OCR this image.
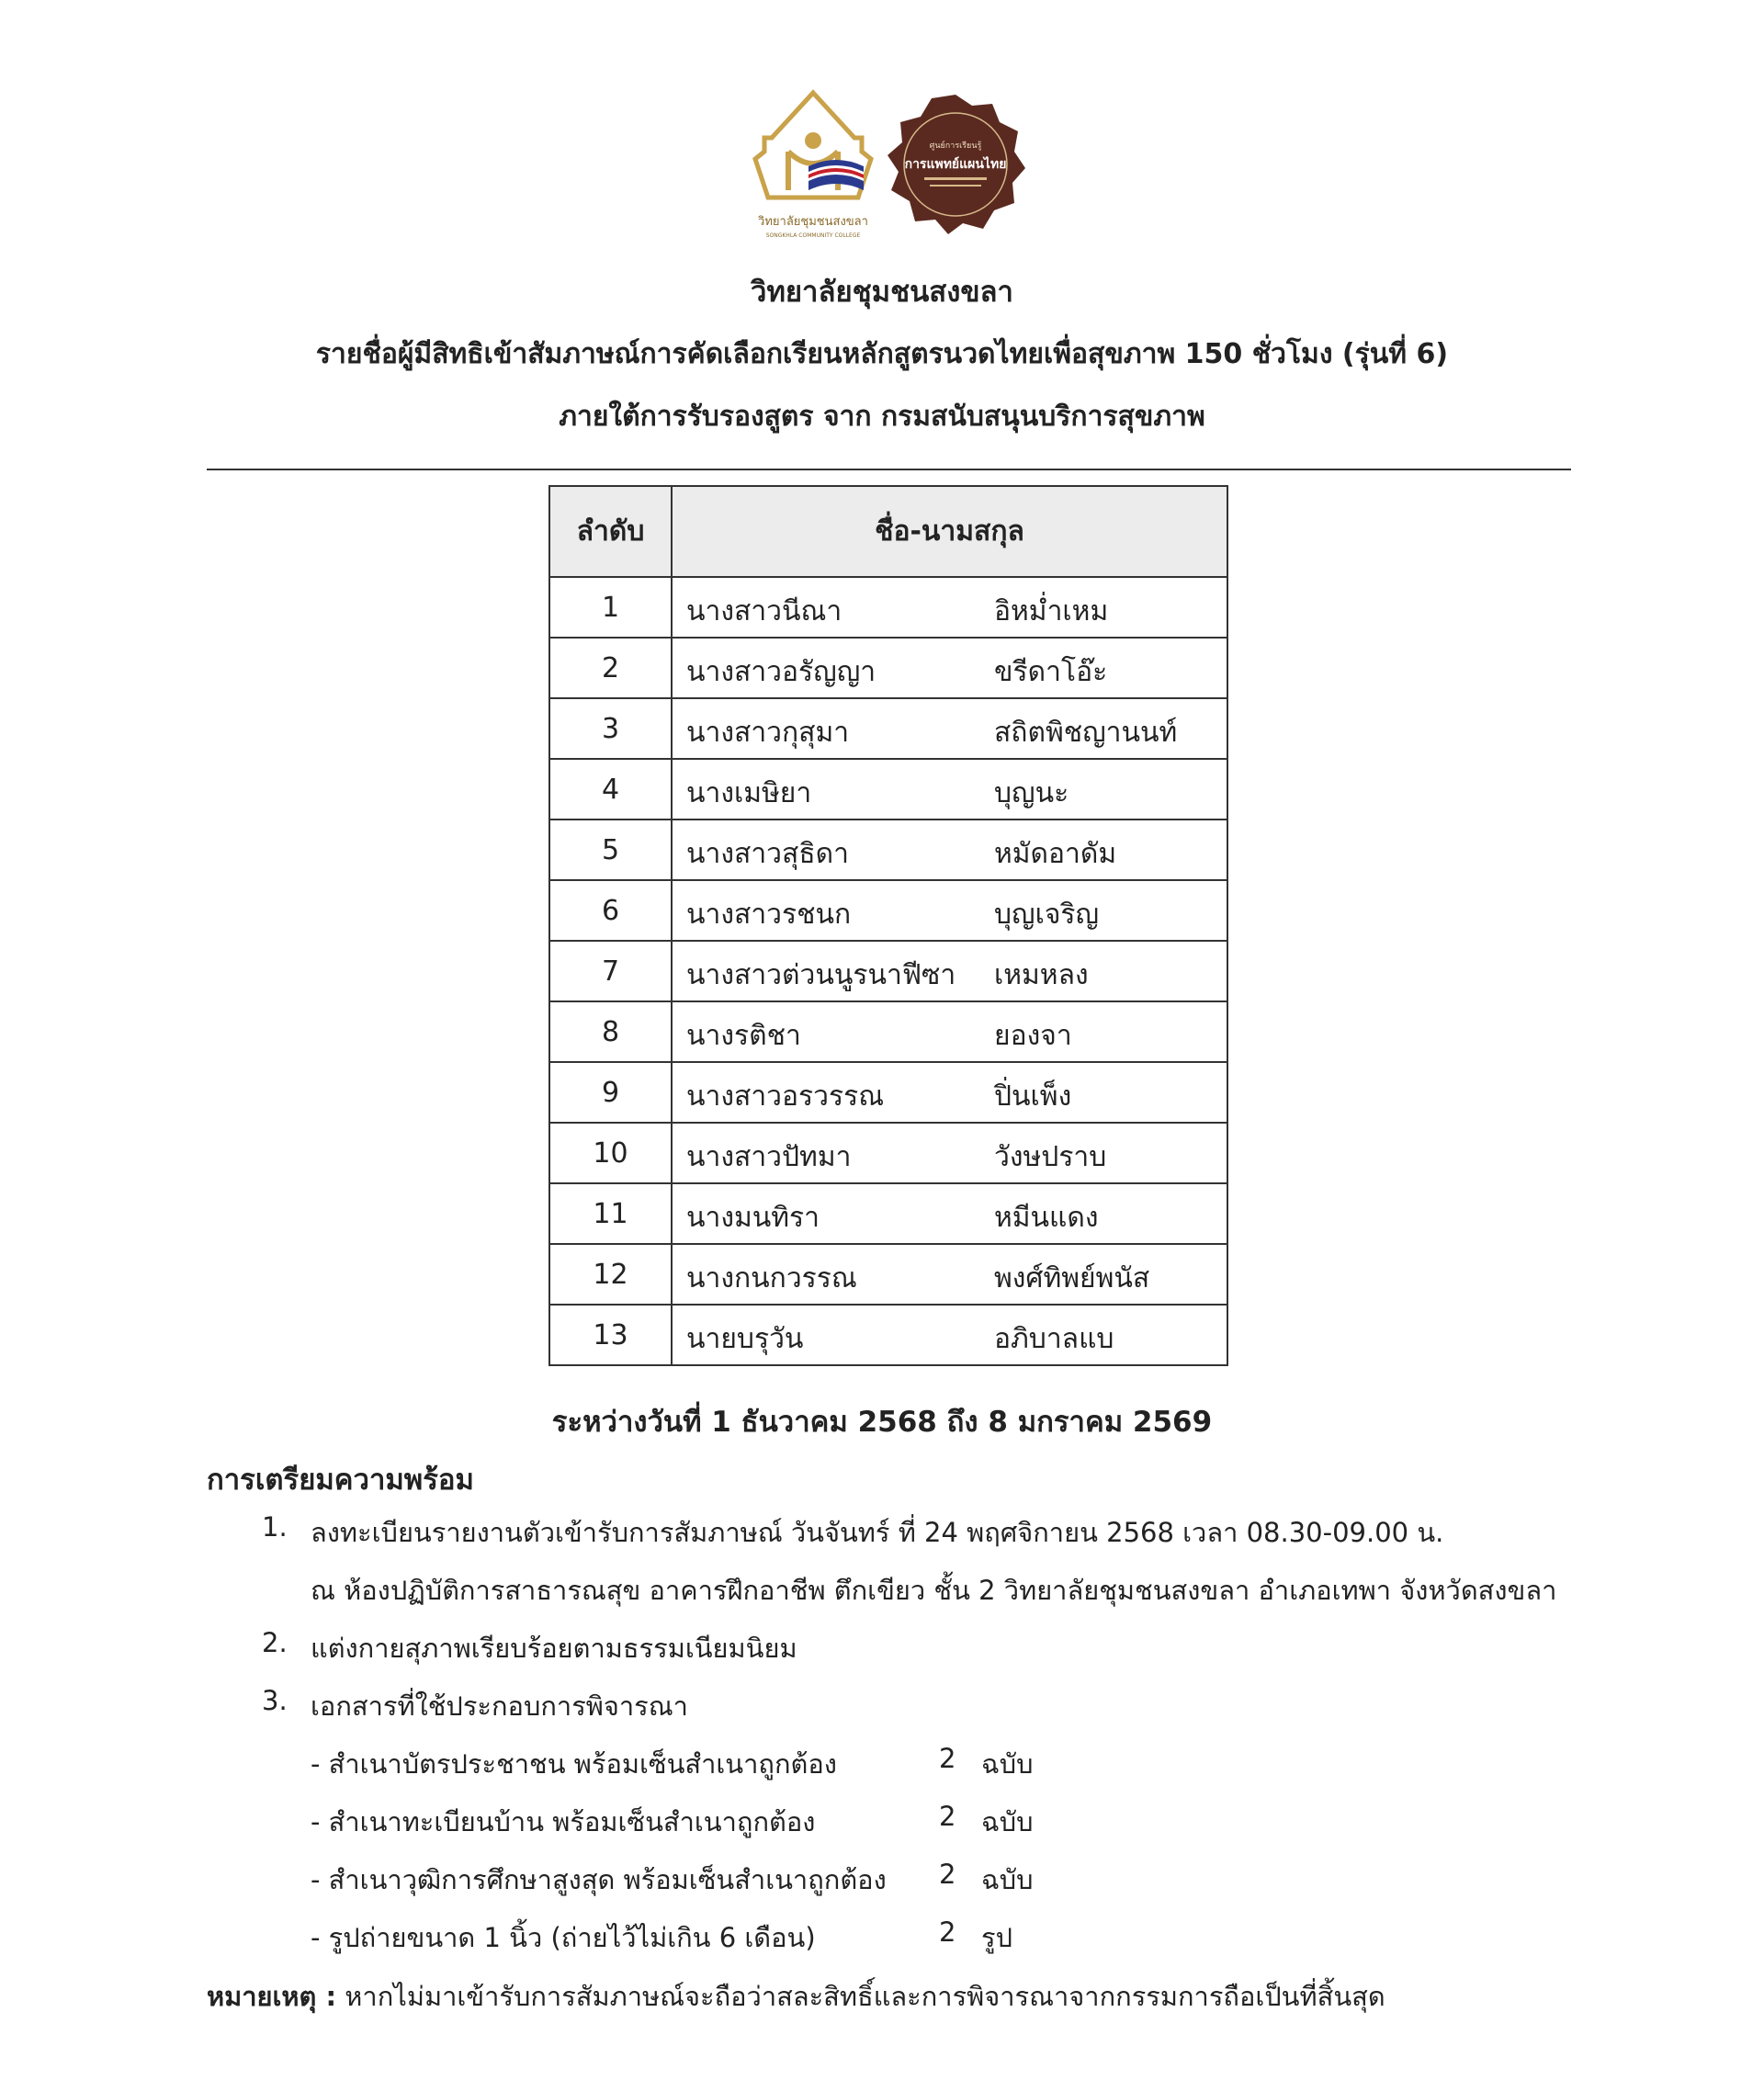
วิทยาลัยชุมชนสงขลา
SONGKHLA COMMUNITY COLLEGE
ศูนย์การเรียนรู้
การแพทย์แผนไทย
วิทยาลัยชุมชนสงขลา
รายชื่อผู้มีสิทธิเข้าสัมภาษณ์การคัดเลือกเรียนหลักสูตรนวดไทยเพื่อสุขภาพ 150 ชั่วโมง (รุ่นที่ 6)
ภายใต้การรับรองสูตร จาก กรมสนับสนุนบริการสุขภาพ
ลำดับ	ชื่อ-นามสกุล
1	นางสาวนีณา อิหม่ำเหม

2	นางสาวอรัญญา ขรีดาโอ๊ะ

3	นางสาวกุสุมา สถิตพิชญานนท์

4	นางเมษิยา บุญนะ

5	นางสาวสุธิดา หมัดอาดัม

6	นางสาวรชนก บุญเจริญ

7	นางสาวต่วนนูรนาฟีซา เหมหลง

8	นางรติชา ยองจา

9	นางสาวอรวรรณ ปิ่นเพ็ง

10	นางสาวปัทมา วังษปราบ

11	นางมนทิรา หมีนแดง

12	นางกนกวรรณ พงศ์ทิพย์พนัส

13	นายบรุวัน อภิบาลแบ
ระหว่างวันที่ 1 ธันวาคม 2568 ถึง 8 มกราคม 2569
การเตรียมความพร้อม
1. ลงทะเบียนรายงานตัวเข้ารับการสัมภาษณ์ วันจันทร์ ที่ 24 พฤศจิกายน 2568 เวลา 08.30-09.00 น.
ณ ห้องปฏิบัติการสาธารณสุข อาคารฝึกอาชีพ ตึกเขียว ชั้น 2 วิทยาลัยชุมชนสงขลา อำเภอเทพา จังหวัดสงขลา
2. แต่งกายสุภาพเรียบร้อยตามธรรมเนียมนิยม
3. เอกสารที่ใช้ประกอบการพิจารณา
- สำเนาบัตรประชาชน พร้อมเซ็นสำเนาถูกต้อง	2 ฉบับ
- สำเนาทะเบียนบ้าน พร้อมเซ็นสำเนาถูกต้อง	2 ฉบับ
- สำเนาวุฒิการศึกษาสูงสุด พร้อมเซ็นสำเนาถูกต้อง 2 ฉบับ
- รูปถ่ายขนาด 1 นิ้ว (ถ่ายไว้ไม่เกิน 6 เดือน)	2 รูป
หมายเหตุ : หากไม่มาเข้ารับการสัมภาษณ์จะถือว่าสละสิทธิ์และการพิจารณาจากกรรมการถือเป็นที่สิ้นสุด
